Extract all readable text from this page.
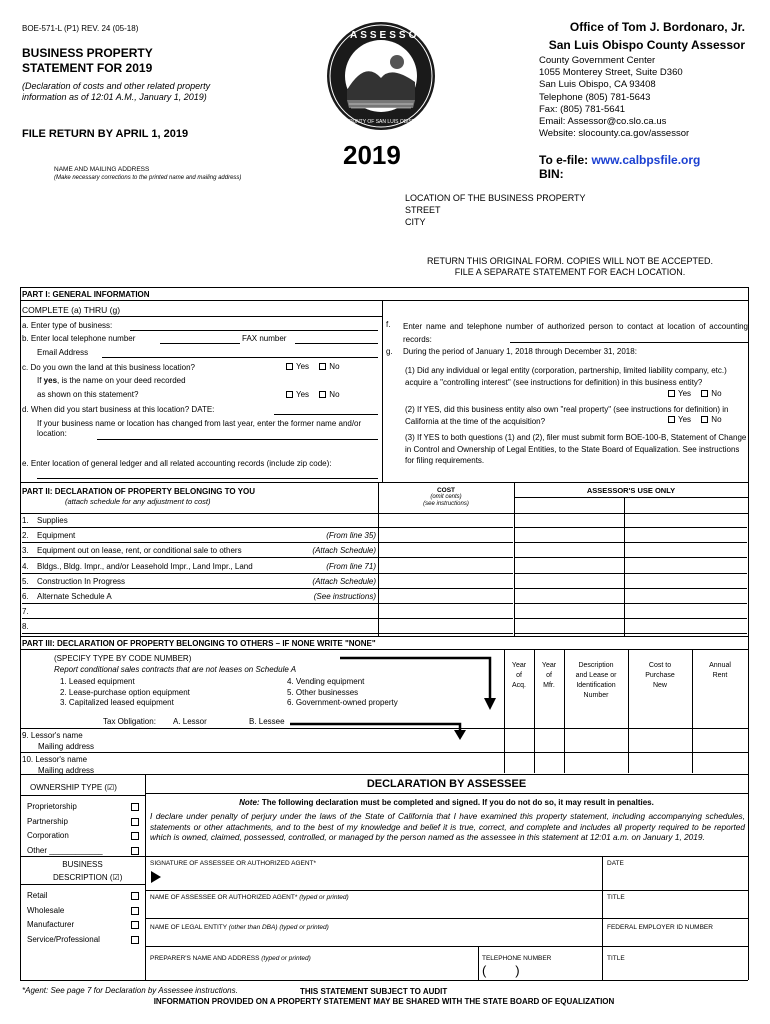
BOE-571-L (P1) REV. 24 (05-18)
BUSINESS PROPERTY
STATEMENT FOR 2019
(Declaration of costs and other related property information as of 12:01 A.M., January 1, 2019)
FILE RETURN BY APRIL 1, 2019
ASSESSOR
COUNTY OF SAN LUIS OBISPO
2019
Office of Tom J. Bordonaro, Jr.
San Luis Obispo County Assessor
County Government Center
1055 Monterey Street, Suite D360
San Luis Obispo, CA 93408
Telephone (805) 781-5643
Fax: (805) 781-5641
Email: Assessor@co.slo.ca.us
Website: slocounty.ca.gov/assessor
To e-file: www.calbpsfile.org
BIN:
NAME AND MAILING ADDRESS
(Make necessary corrections to the printed name and mailing address)
LOCATION OF THE BUSINESS PROPERTY
STREET
CITY
RETURN THIS ORIGINAL FORM. COPIES WILL NOT BE ACCEPTED.
FILE A SEPARATE STATEMENT FOR EACH LOCATION.
PART I: GENERAL INFORMATION
COMPLETE (a) THRU (g)
a. Enter type of business:
b. Enter local telephone number	FAX number
Email Address
c. Do you own the land at this business location?	Yes	No
If yes, is the name on your deed recorded
as shown on this statement?	Yes	No
d. When did you start business at this location? DATE:
If your business name or location has changed from last year, enter the former name and/or location:
e. Enter location of general ledger and all related accounting records (include zip code):
f. Enter name and telephone number of authorized person to contact at location of accounting records:
g. During the period of January 1, 2018 through December 31, 2018:
(1) Did any individual or legal entity (corporation, partnership, limited liability company, etc.) acquire a "controlling interest" (see instructions for definition) in this business entity?
Yes	No
(2) If YES, did this business entity also own "real property" (see instructions for definition) in California at the time of the acquisition?	Yes	No
(3) If YES to both questions (1) and (2), filer must submit form BOE-100-B, Statement of Change in Control and Ownership of Legal Entities, to the State Board of Equalization. See instructions for filing requirements.
PART II: DECLARATION OF PROPERTY BELONGING TO YOU
(attach schedule for any adjustment to cost)
COST
(omit cents)
(see instructions)
ASSESSOR'S USE ONLY
1. Supplies
2. Equipment	(From line 35)
3. Equipment out on lease, rent, or conditional sale to others	(Attach Schedule)
4. Bldgs., Bldg. Impr., and/or Leasehold Impr., Land Impr., Land	(From line 71)
5. Construction In Progress	(Attach Schedule)
6. Alternate Schedule A	(See instructions)
7.
8.
PART III: DECLARATION OF PROPERTY BELONGING TO OTHERS – IF NONE WRITE "NONE"
(SPECIFY TYPE BY CODE NUMBER)
Report conditional sales contracts that are not leases on Schedule A
1. Leased equipment
2. Lease-purchase option equipment
3. Capitalized leased equipment
4. Vending equipment
5. Other businesses
6. Government-owned property
Tax Obligation: A. Lessor	B. Lessee
Year
of
Acq.
Year
of
Mfr.
Description
and Lease or
Identification
Number
Cost to
Purchase
New
Annual
Rent
9. Lessor's name
Mailing address
10. Lessor's name
Mailing address
OWNERSHIP TYPE (☑)
Proprietorship
Partnership
Corporation
Other ____________
BUSINESS
DESCRIPTION (☑)
Retail
Wholesale
Manufacturer
Service/Professional
DECLARATION BY ASSESSEE
Note: The following declaration must be completed and signed. If you do not do so, it may result in penalties.
I declare under penalty of perjury under the laws of the State of California that I have examined this property statement, including accompanying schedules, statements or other attachments, and to the best of my knowledge and belief it is true, correct, and complete and includes all property required to be reported which is owned, claimed, possessed, controlled, or managed by the person named as the assessee in this statement at 12:01 a.m. on January 1, 2019.
SIGNATURE OF ASSESSEE OR AUTHORIZED AGENT*	DATE
NAME OF ASSESSEE OR AUTHORIZED AGENT* (typed or printed)	TITLE
NAME OF LEGAL ENTITY (other than DBA) (typed or printed)	FEDERAL EMPLOYER ID NUMBER
PREPARER'S NAME AND ADDRESS (typed or printed)	TELEPHONE NUMBER
(        )
TITLE
*Agent: See page 7 for Declaration by Assessee instructions.	THIS STATEMENT SUBJECT TO AUDIT
INFORMATION PROVIDED ON A PROPERTY STATEMENT MAY BE SHARED WITH THE STATE BOARD OF EQUALIZATION
